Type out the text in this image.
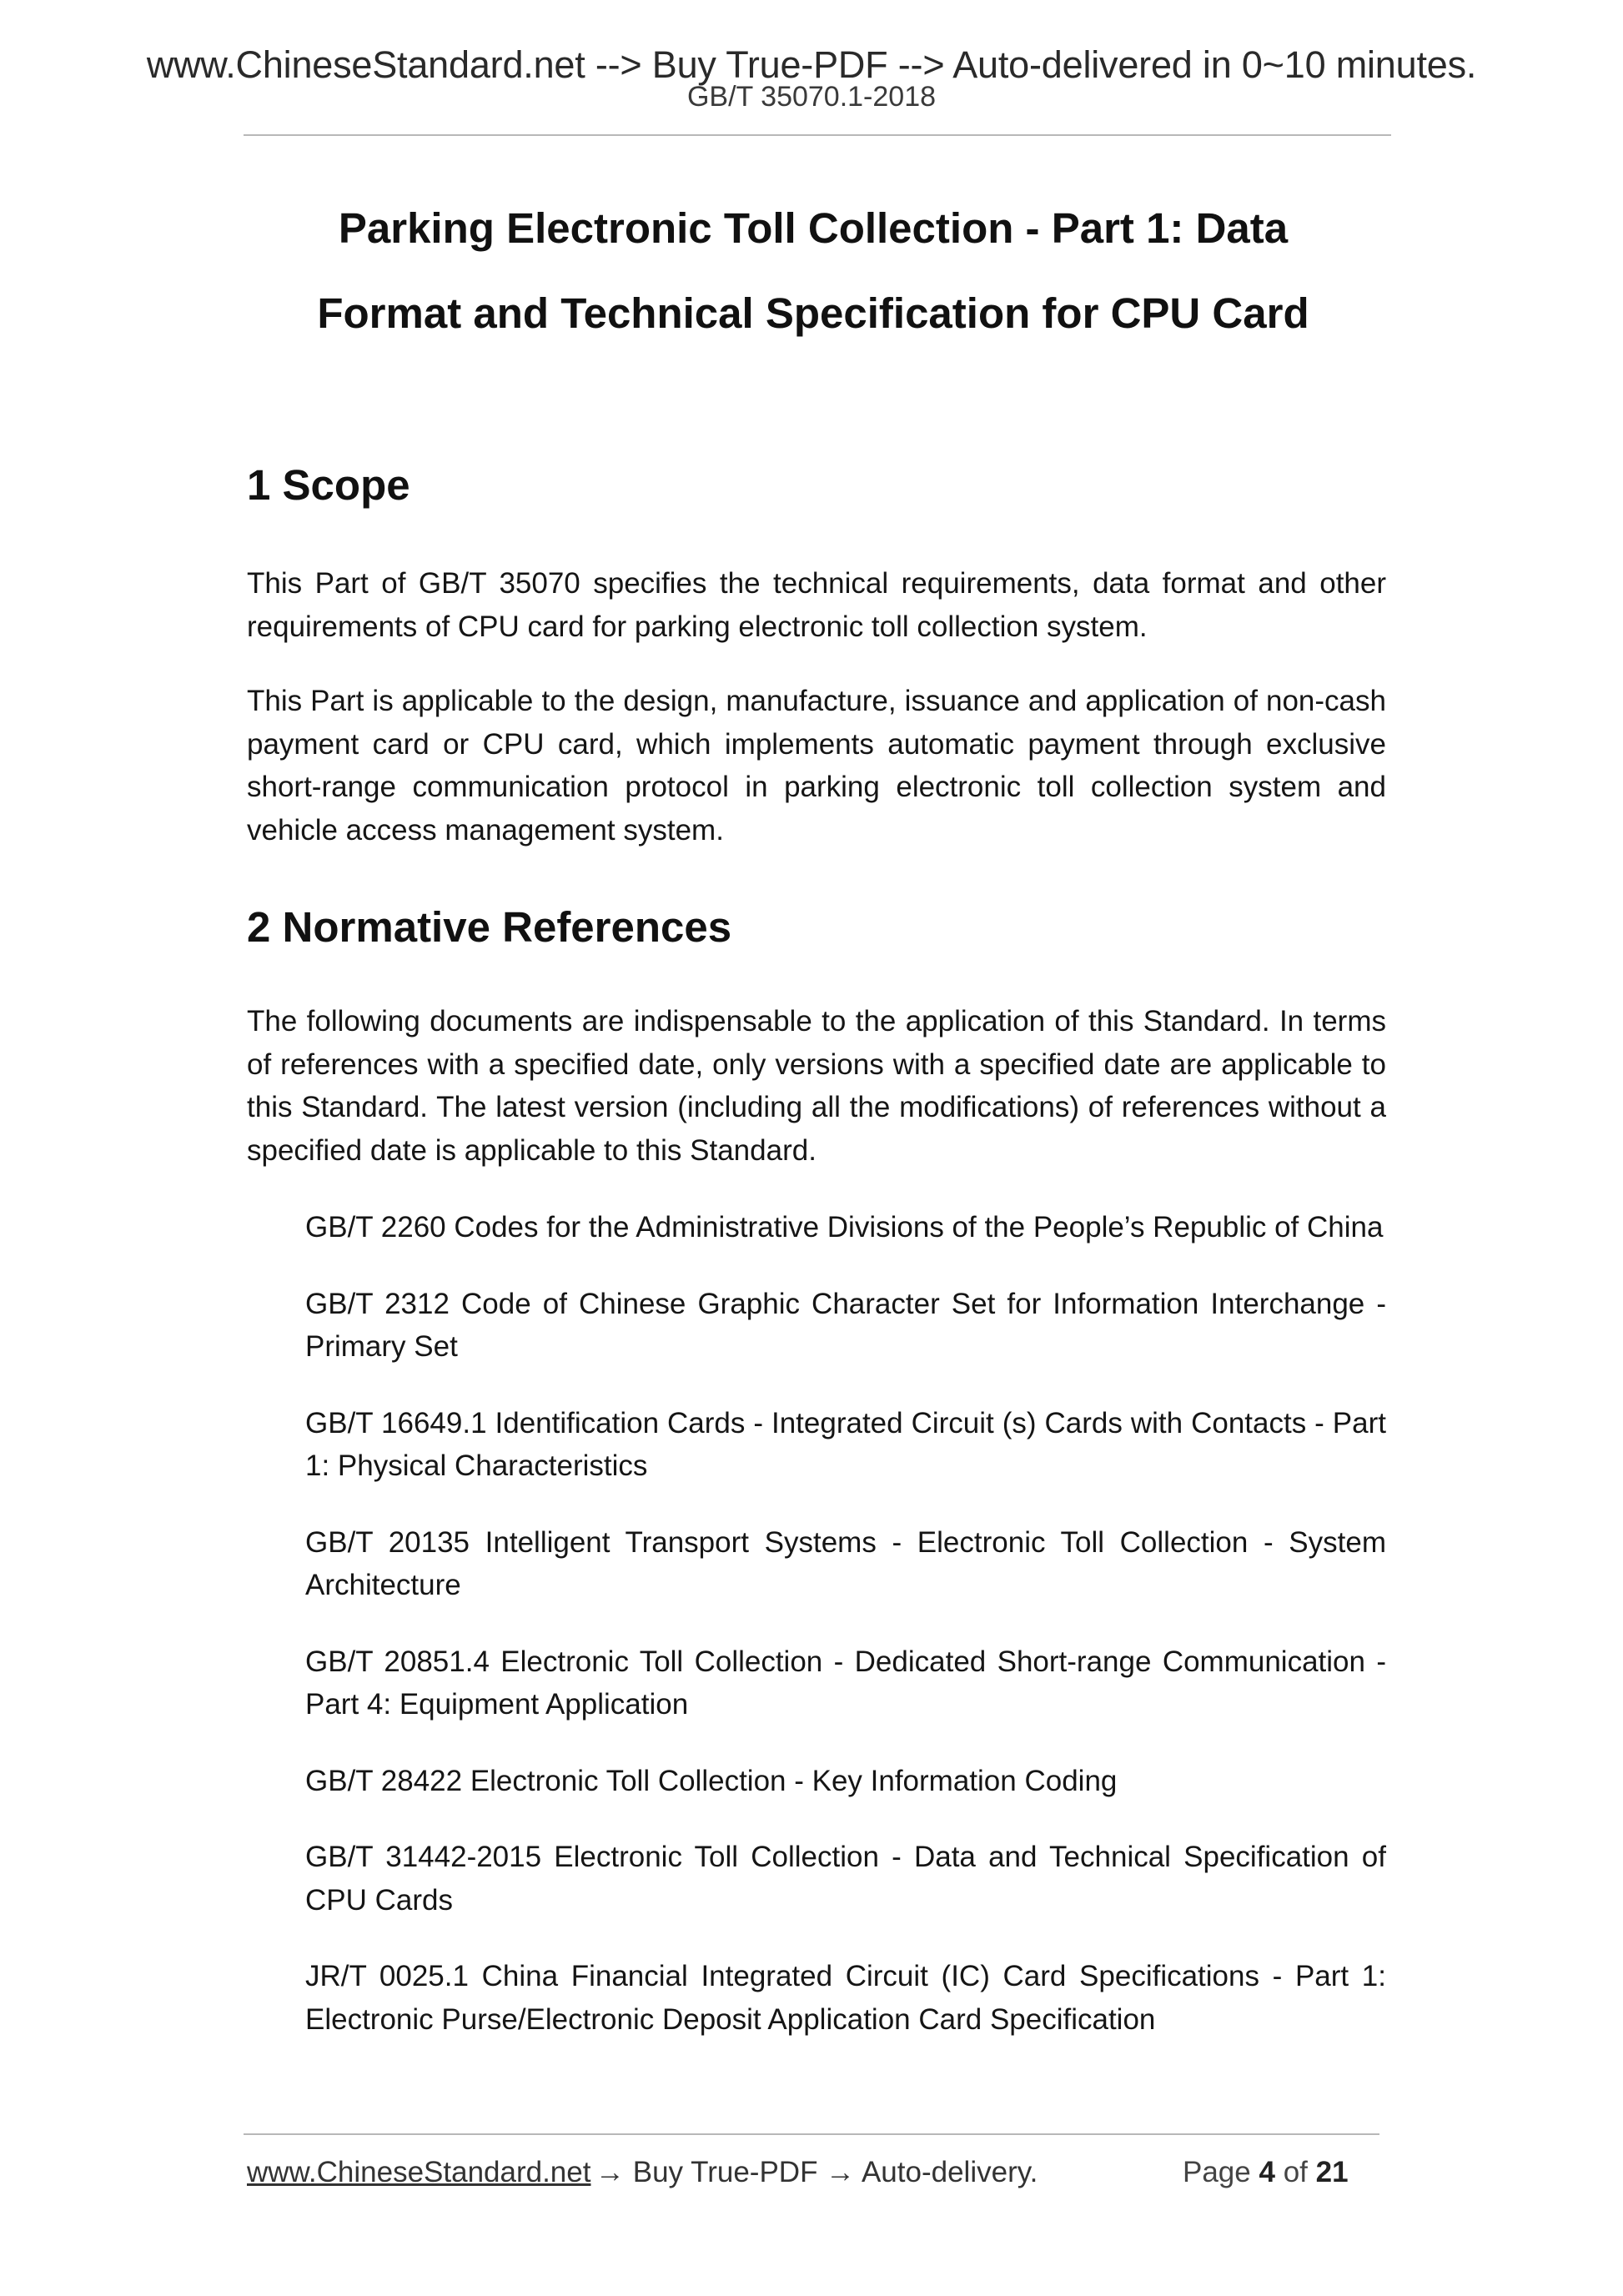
www.ChineseStandard.net --> Buy True-PDF --> Auto-delivered in 0~10 minutes.
GB/T 35070.1-2018
Parking Electronic Toll Collection - Part 1: Data
Format and Technical Specification for CPU Card
1 Scope

This Part of GB/T 35070 specifies the technical requirements, data format and other requirements of CPU card for parking electronic toll collection system.

This Part is applicable to the design, manufacture, issuance and application of non-cash payment card or CPU card, which implements automatic payment through exclusive short-range communication protocol in parking electronic toll collection system and vehicle access management system.

2 Normative References

The following documents are indispensable to the application of this Standard. In terms of references with a specified date, only versions with a specified date are applicable to this Standard. The latest version (including all the modifications) of references without a specified date is applicable to this Standard.

GB/T 2260 Codes for the Administrative Divisions of the People’s Republic of China
GB/T 2312 Code of Chinese Graphic Character Set for Information Interchange - Primary Set
GB/T 16649.1 Identification Cards - Integrated Circuit (s) Cards with Contacts - Part 1: Physical Characteristics
GB/T 20135 Intelligent Transport Systems - Electronic Toll Collection - System Architecture
GB/T 20851.4 Electronic Toll Collection - Dedicated Short-range Communication - Part 4: Equipment Application
GB/T 28422 Electronic Toll Collection - Key Information Coding
GB/T 31442-2015 Electronic Toll Collection - Data and Technical Specification of CPU Cards
JR/T 0025.1 China Financial Integrated Circuit (IC) Card Specifications - Part 1: Electronic Purse/Electronic Deposit Application Card Specification
www.ChineseStandard.net → Buy True-PDF → Auto-delivery.	Page 4 of 21
